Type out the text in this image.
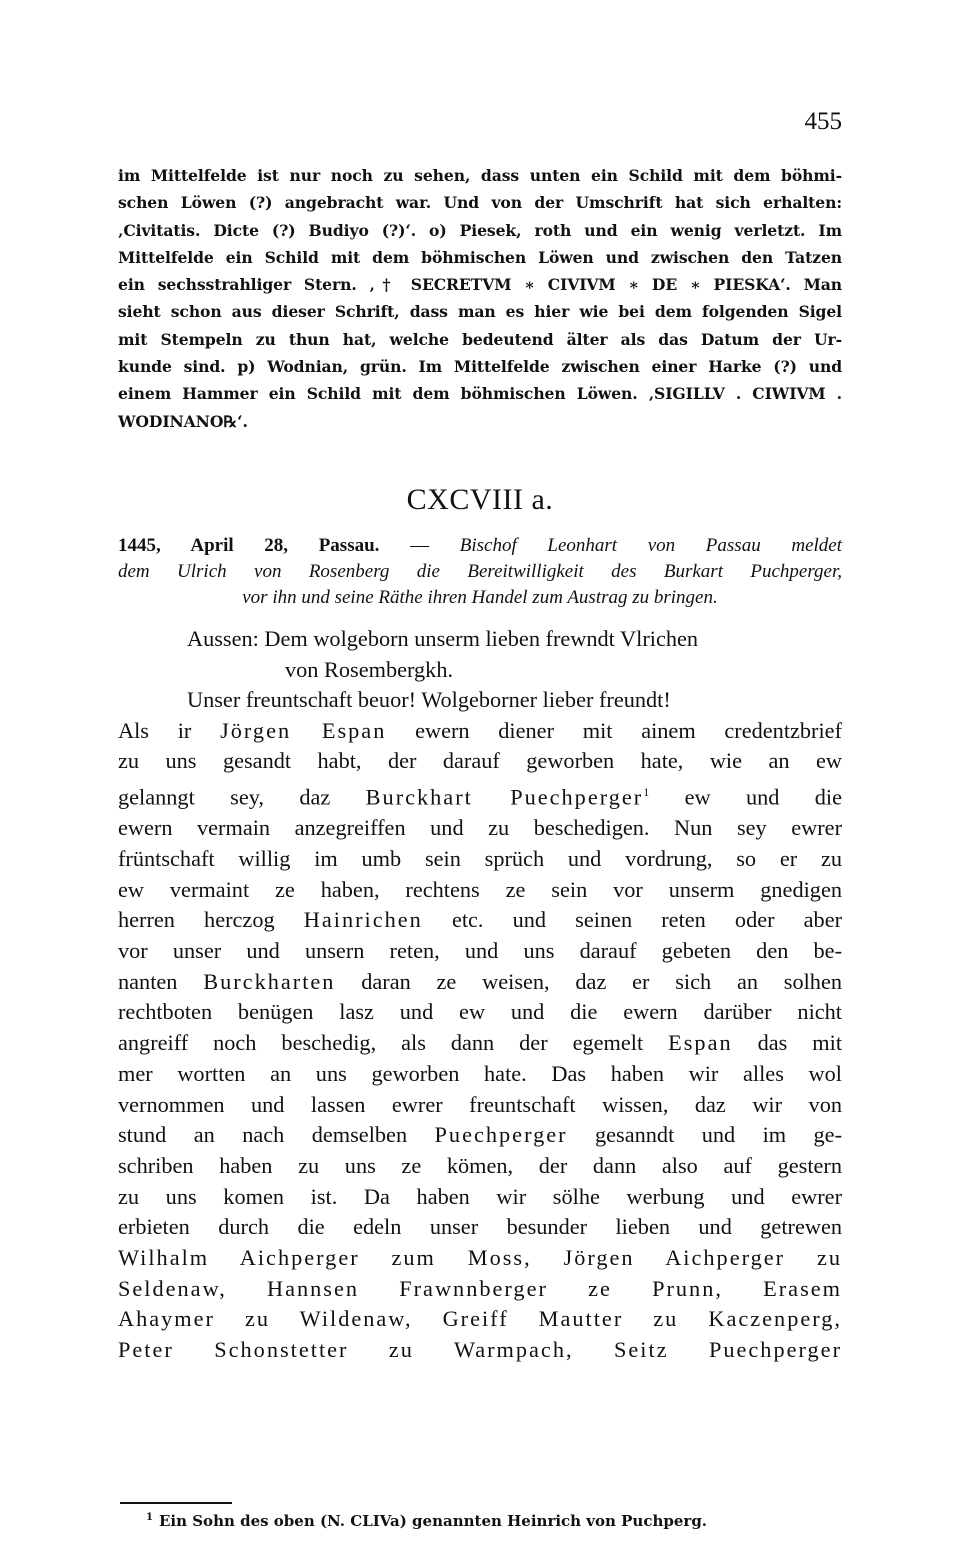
455
im Mittelfelde ist nur noch zu sehen, dass unten ein Schild mit dem böhmi-
schen Löwen (?) angebracht war. Und von der Umschrift hat sich erhalten:
‚Civitatis. Dicte (?) Budiyo (?)‘. o) Piesek, roth und ein wenig verletzt. Im
Mittelfelde ein Schild mit dem böhmischen Löwen und zwischen den Tatzen
ein sechsstrahliger Stern. ‚† SECRETVM ∗ CIVIVM ∗ DE ∗ PIESKA‘. Man
sieht schon aus dieser Schrift, dass man es hier wie bei dem folgenden Sigel
mit Stempeln zu thun hat, welche bedeutend älter als das Datum der Ur-
kunde sind. p) Wodnian, grün. Im Mittelfelde zwischen einer Harke (?) und
einem Hammer ein Schild mit dem böhmischen Löwen. ‚SIGILLV . CIWIVM .
WODINANO℞‘.
CXCVIII a.
1445, April 28, Passau. — Bischof Leonhart von Passau meldet
dem Ulrich von Rosenberg die Bereitwilligkeit des Burkart Puchperger,
vor ihn und seine Räthe ihren Handel zum Austrag zu bringen.
Aussen: Dem wolgeborn unserm lieben frewndt Vlrichen
von Rosembergkh.
Unser freuntschaft beuor! Wolgeborner lieber freundt!
Als ir Jörgen Espan ewern diener mit ainem credentzbrief
zu uns gesandt habt, der darauf geworben hate, wie an ew
gelanngt sey, daz Burckhart Puechperger$^1$ ew und die
ewern vermain anzegreiffen und zu beschedigen. Nun sey ewrer
früntschaft willig im umb sein sprüch und vordrung, so er zu
ew vermaint ze haben, rechtens ze sein vor unserm gnedigen
herren herczog Hainrichen etc. und seinen reten oder aber
vor unser und unsern reten, und uns darauf gebeten den be-
nanten Burckharten daran ze weisen, daz er sich an solhen
rechtboten benügen lasz und ew und die ewern darüber nicht
angreiff noch beschedig, als dann der egemelt Espan das mit
mer wortten an uns geworben hate. Das haben wir alles wol
vernommen und lassen ewrer freuntschaft wissen, daz wir von
stund an nach demselben Puechperger gesanndt und im ge-
schriben haben zu uns ze kömen, der dann also auf gestern
zu uns komen ist. Da haben wir sölhe werbung und ewrer
erbieten durch die edeln unser besunder lieben und getrewen
Wilhalm Aichperger zum Moss, Jörgen Aichperger zu
Seldenaw, Hannsen Frawnnberger ze Prunn, Erasem
Ahaymer zu Wildenaw, Greiff Mautter zu Kaczenperg,
Peter Schonstetter zu Warmpach, Seitz Puechperger
$^1$ Ein Sohn des oben (N. CLIVa) genannten Heinrich von Puchperg.
